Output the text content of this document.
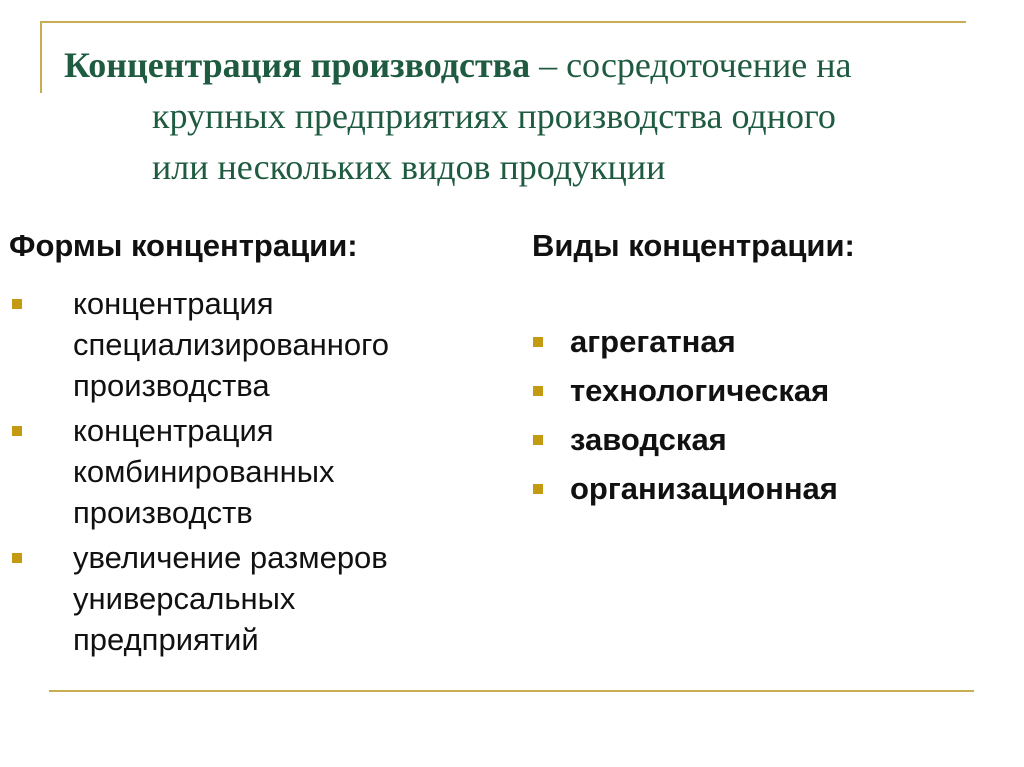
Концентрация производства – сосредоточение на
крупных предприятиях производства одного
или нескольких видов продукции
Формы концентрации:
концентрация
специализированного
производства
концентрация
комбинированных
производств
увеличение размеров
универсальных
предприятий
Виды концентрации:
агрегатная
технологическая
заводская
организационная
